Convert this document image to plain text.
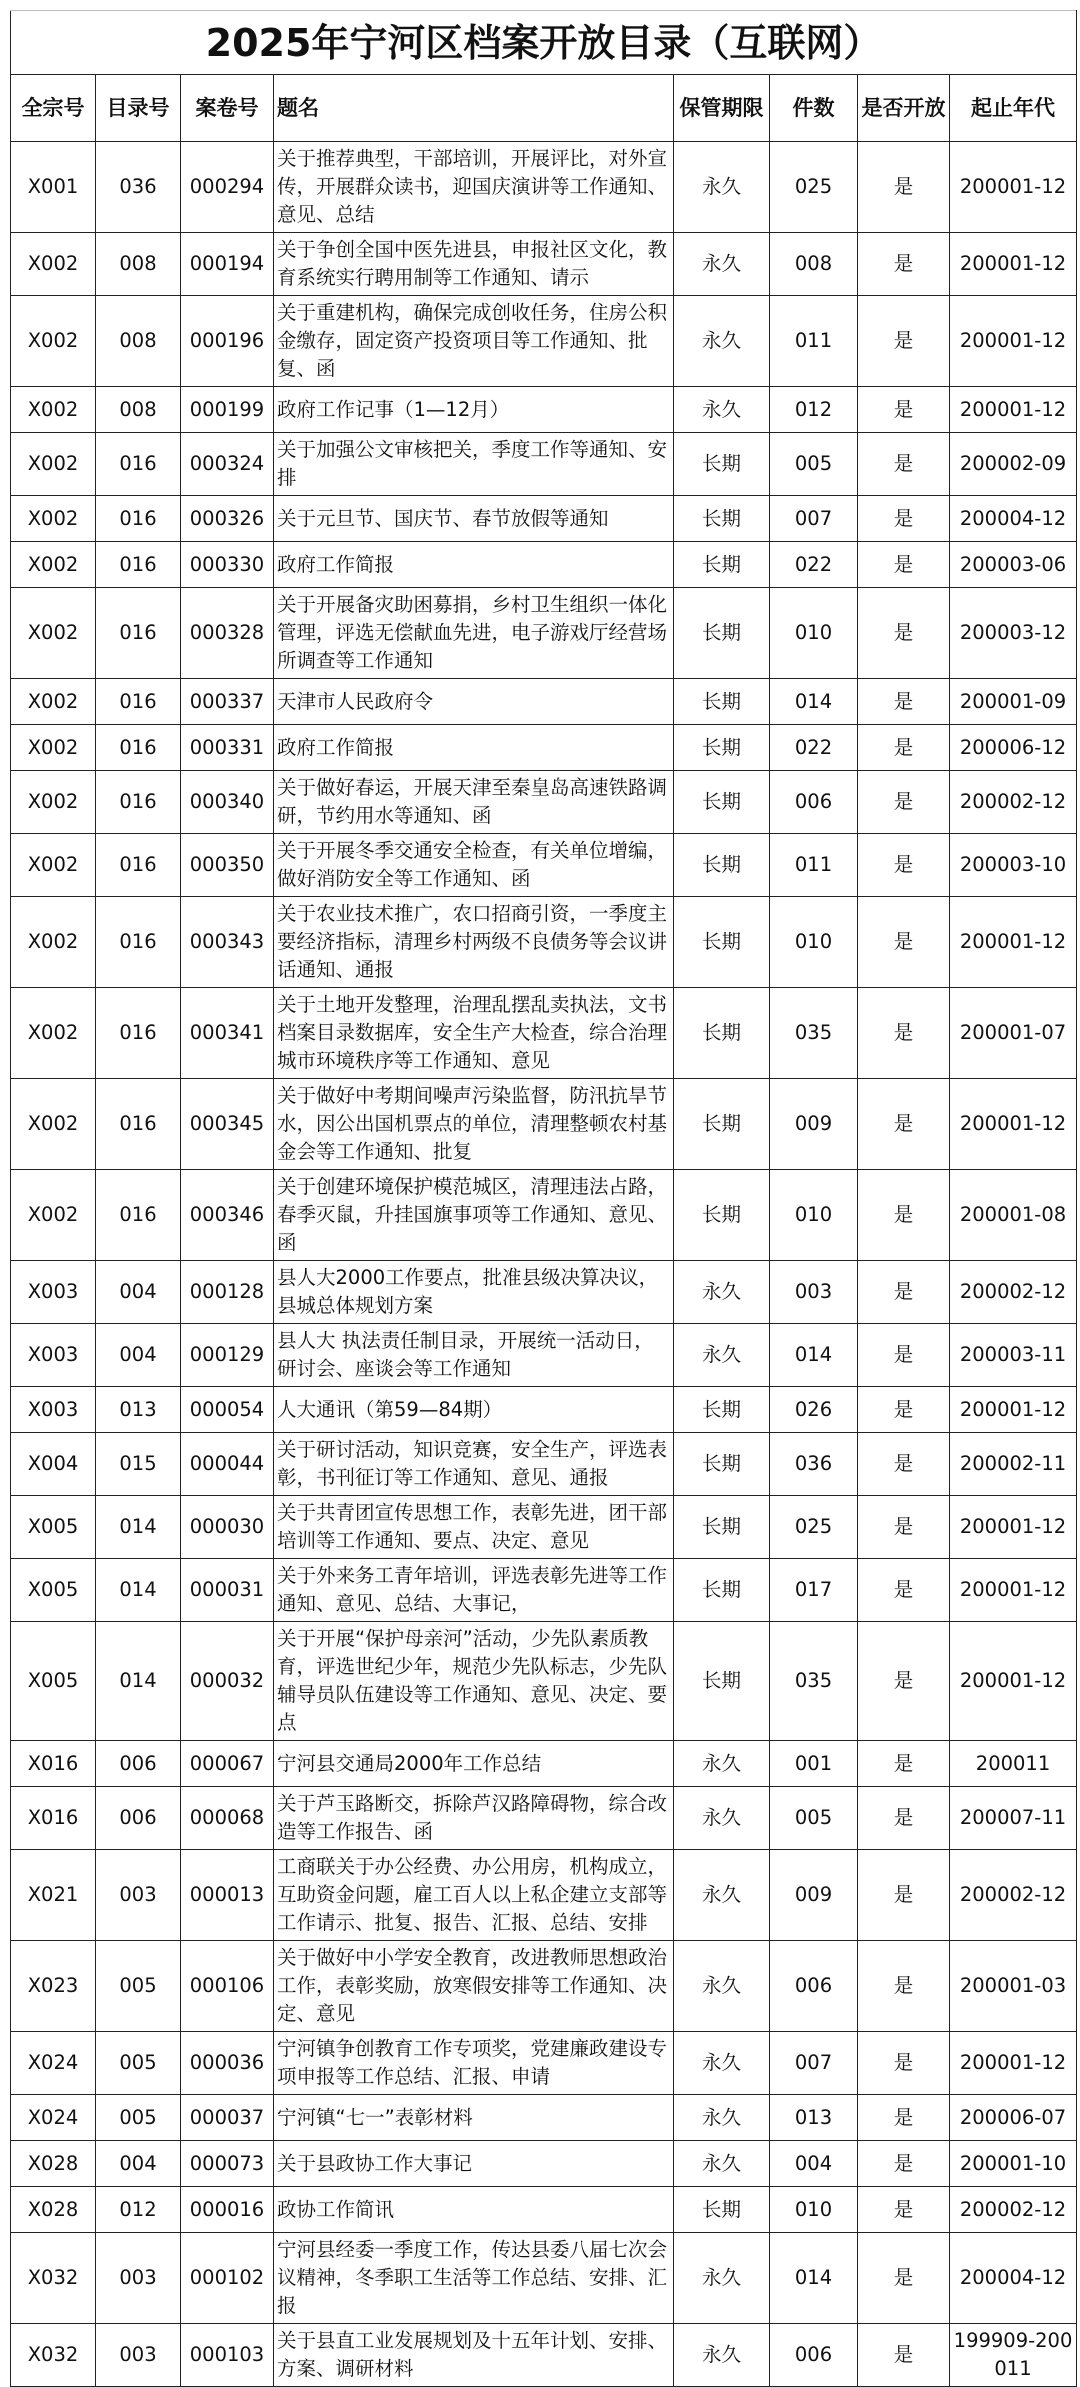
2025年宁河区档案开放目录（互联网）							
全宗号	目录号	案卷号	题名	保管期限	件数	是否开放	起止年代
X001	036	000294	关于推荐典型，干部培训，开展评比，对外宣传，开展群众读书，迎国庆演讲等工作通知、意见、总结	永久	025	是	200001-12
X002	008	000194	关于争创全国中医先进县，申报社区文化，教育系统实行聘用制等工作通知、请示	永久	008	是	200001-12
X002	008	000196	关于重建机构，确保完成创收任务，住房公积金缴存，固定资产投资项目等工作通知、批复、函	永久	011	是	200001-12
X002	008	000199	政府工作记事（1—12月）	永久	012	是	200001-12
X002	016	000324	关于加强公文审核把关，季度工作等通知、安排	长期	005	是	200002-09
X002	016	000326	关于元旦节、国庆节、春节放假等通知	长期	007	是	200004-12
X002	016	000330	政府工作简报	长期	022	是	200003-06
X002	016	000328	关于开展备灾助困募捐，乡村卫生组织一体化管理，评选无偿献血先进，电子游戏厅经营场所调查等工作通知	长期	010	是	200003-12
X002	016	000337	天津市人民政府令	长期	014	是	200001-09
X002	016	000331	政府工作简报	长期	022	是	200006-12
X002	016	000340	关于做好春运，开展天津至秦皇岛高速铁路调研，节约用水等通知、函	长期	006	是	200002-12
X002	016	000350	关于开展冬季交通安全检查，有关单位增编，做好消防安全等工作通知、函	长期	011	是	200003-10
X002	016	000343	关于农业技术推广，农口招商引资，一季度主要经济指标，清理乡村两级不良债务等会议讲话通知、通报	长期	010	是	200001-12
X002	016	000341	关于土地开发整理，治理乱摆乱卖执法，文书档案目录数据库，安全生产大检查，综合治理城市环境秩序等工作通知、意见	长期	035	是	200001-07
X002	016	000345	关于做好中考期间噪声污染监督，防汛抗旱节水，因公出国机票点的单位，清理整顿农村基金会等工作通知、批复	长期	009	是	200001-12
X002	016	000346	关于创建环境保护模范城区，清理违法占路，春季灭鼠，升挂国旗事项等工作通知、意见、函	长期	010	是	200001-08
X003	004	000128	县人大2000工作要点，批准县级决算决议，县城总体规划方案	永久	003	是	200002-12
X003	004	000129	县人大 执法责任制目录，开展统一活动日，研讨会、座谈会等工作通知	永久	014	是	200003-11
X003	013	000054	人大通讯（第59—84期）	长期	026	是	200001-12
X004	015	000044	关于研讨活动，知识竞赛，安全生产，评选表彰，书刊征订等工作通知、意见、通报	长期	036	是	200002-11
X005	014	000030	关于共青团宣传思想工作，表彰先进，团干部培训等工作通知、要点、决定、意见	长期	025	是	200001-12
X005	014	000031	关于外来务工青年培训，评选表彰先进等工作通知、意见、总结、大事记，	长期	017	是	200001-12
X005	014	000032	关于开展“保护母亲河”活动，少先队素质教育，评选世纪少年，规范少先队标志，少先队辅导员队伍建设等工作通知、意见、决定、要点	长期	035	是	200001-12
X016	006	000067	宁河县交通局2000年工作总结	永久	001	是	200011
X016	006	000068	关于芦玉路断交，拆除芦汉路障碍物，综合改造等工作报告、函	永久	005	是	200007-11
X021	003	000013	工商联关于办公经费、办公用房，机构成立，互助资金问题，雇工百人以上私企建立支部等工作请示、批复、报告、汇报、总结、安排	永久	009	是	200002-12
X023	005	000106	关于做好中小学安全教育，改进教师思想政治工作，表彰奖励，放寒假安排等工作通知、决定、意见	永久	006	是	200001-03
X024	005	000036	宁河镇争创教育工作专项奖，党建廉政建设专项申报等工作总结、汇报、申请	永久	007	是	200001-12
X024	005	000037	宁河镇“七一”表彰材料	永久	013	是	200006-07
X028	004	000073	关于县政协工作大事记	永久	004	是	200001-10
X028	012	000016	政协工作简讯	长期	010	是	200002-12
X032	003	000102	宁河县经委一季度工作，传达县委八届七次会议精神，冬季职工生活等工作总结、安排、汇报	永久	014	是	200004-12
X032	003	000103	关于县直工业发展规划及十五年计划、安排、方案、调研材料	永久	006	是	199909-200011
